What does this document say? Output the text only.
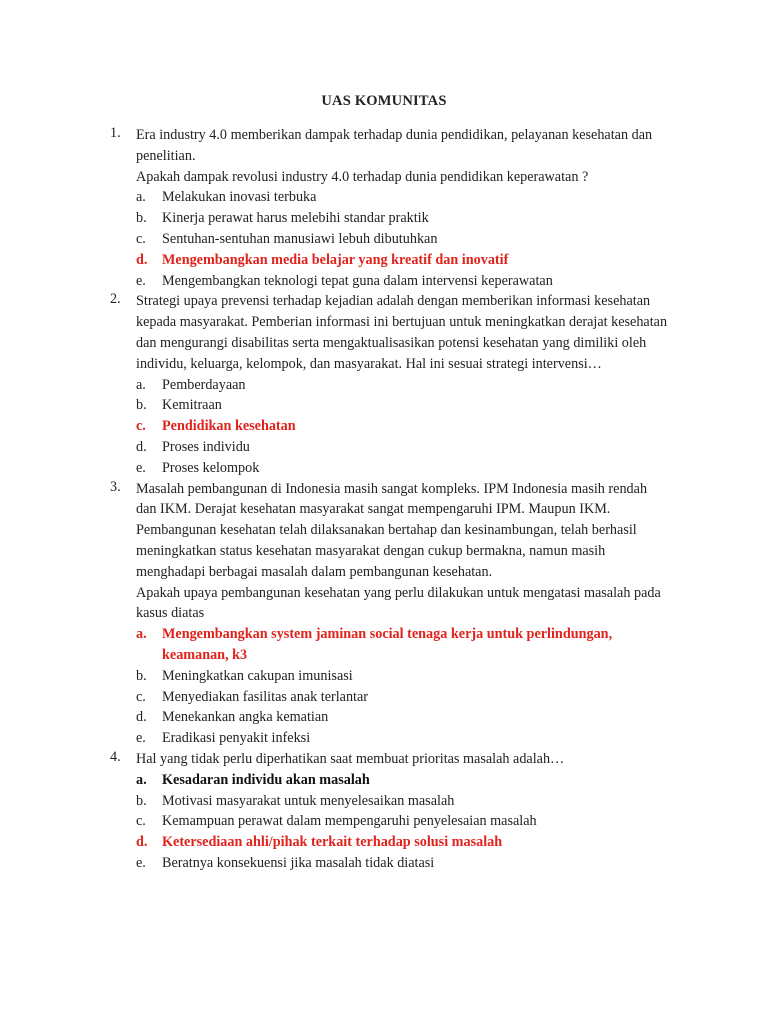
UAS KOMUNITAS
1.	Era industry 4.0 memberikan dampak terhadap dunia pendidikan, pelayanan kesehatan dan penelitian.
Apakah dampak revolusi industry 4.0 terhadap dunia pendidikan keperawatan ?
a.	Melakukan inovasi terbuka
b.	Kinerja perawat harus melebihi standar praktik
c.	Sentuhan-sentuhan manusiawi lebuh dibutuhkan
d.	Mengembangkan media belajar yang kreatif dan inovatif
e.	Mengembangkan teknologi tepat guna dalam intervensi keperawatan
2.	Strategi upaya prevensi terhadap kejadian adalah dengan memberikan informasi kesehatan kepada masyarakat. Pemberian informasi ini bertujuan untuk meningkatkan derajat kesehatan dan mengurangi disabilitas serta mengaktualisasikan potensi kesehatan yang dimiliki oleh individu, keluarga, kelompok, dan masyarakat. Hal ini sesuai strategi intervensi…
a.	Pemberdayaan
b.	Kemitraan
c.	Pendidikan kesehatan
d.	Proses individu
e.	Proses kelompok
3.	Masalah pembangunan di Indonesia masih sangat kompleks. IPM Indonesia masih rendah dan IKM. Derajat kesehatan masyarakat sangat mempengaruhi IPM. Maupun IKM. Pembangunan kesehatan telah dilaksanakan bertahap dan kesinambungan, telah berhasil meningkatkan status kesehatan masyarakat dengan cukup bermakna, namun masih menghadapi berbagai masalah dalam pembangunan kesehatan.
Apakah upaya pembangunan kesehatan yang perlu dilakukan untuk mengatasi masalah pada kasus diatas
a.	Mengembangkan system jaminan social tenaga kerja untuk perlindungan, keamanan, k3
b.	Meningkatkan cakupan imunisasi
c.	Menyediakan fasilitas anak terlantar
d.	Menekankan angka kematian
e.	Eradikasi penyakit infeksi
4.	Hal yang tidak perlu diperhatikan saat membuat prioritas masalah adalah…
a.	Kesadaran individu akan masalah
b.	Motivasi masyarakat untuk menyelesaikan masalah
c.	Kemampuan perawat dalam mempengaruhi penyelesaian masalah
d.	Ketersediaan ahli/pihak terkait terhadap solusi masalah
e.	Beratnya konsekuensi jika masalah tidak diatasi
